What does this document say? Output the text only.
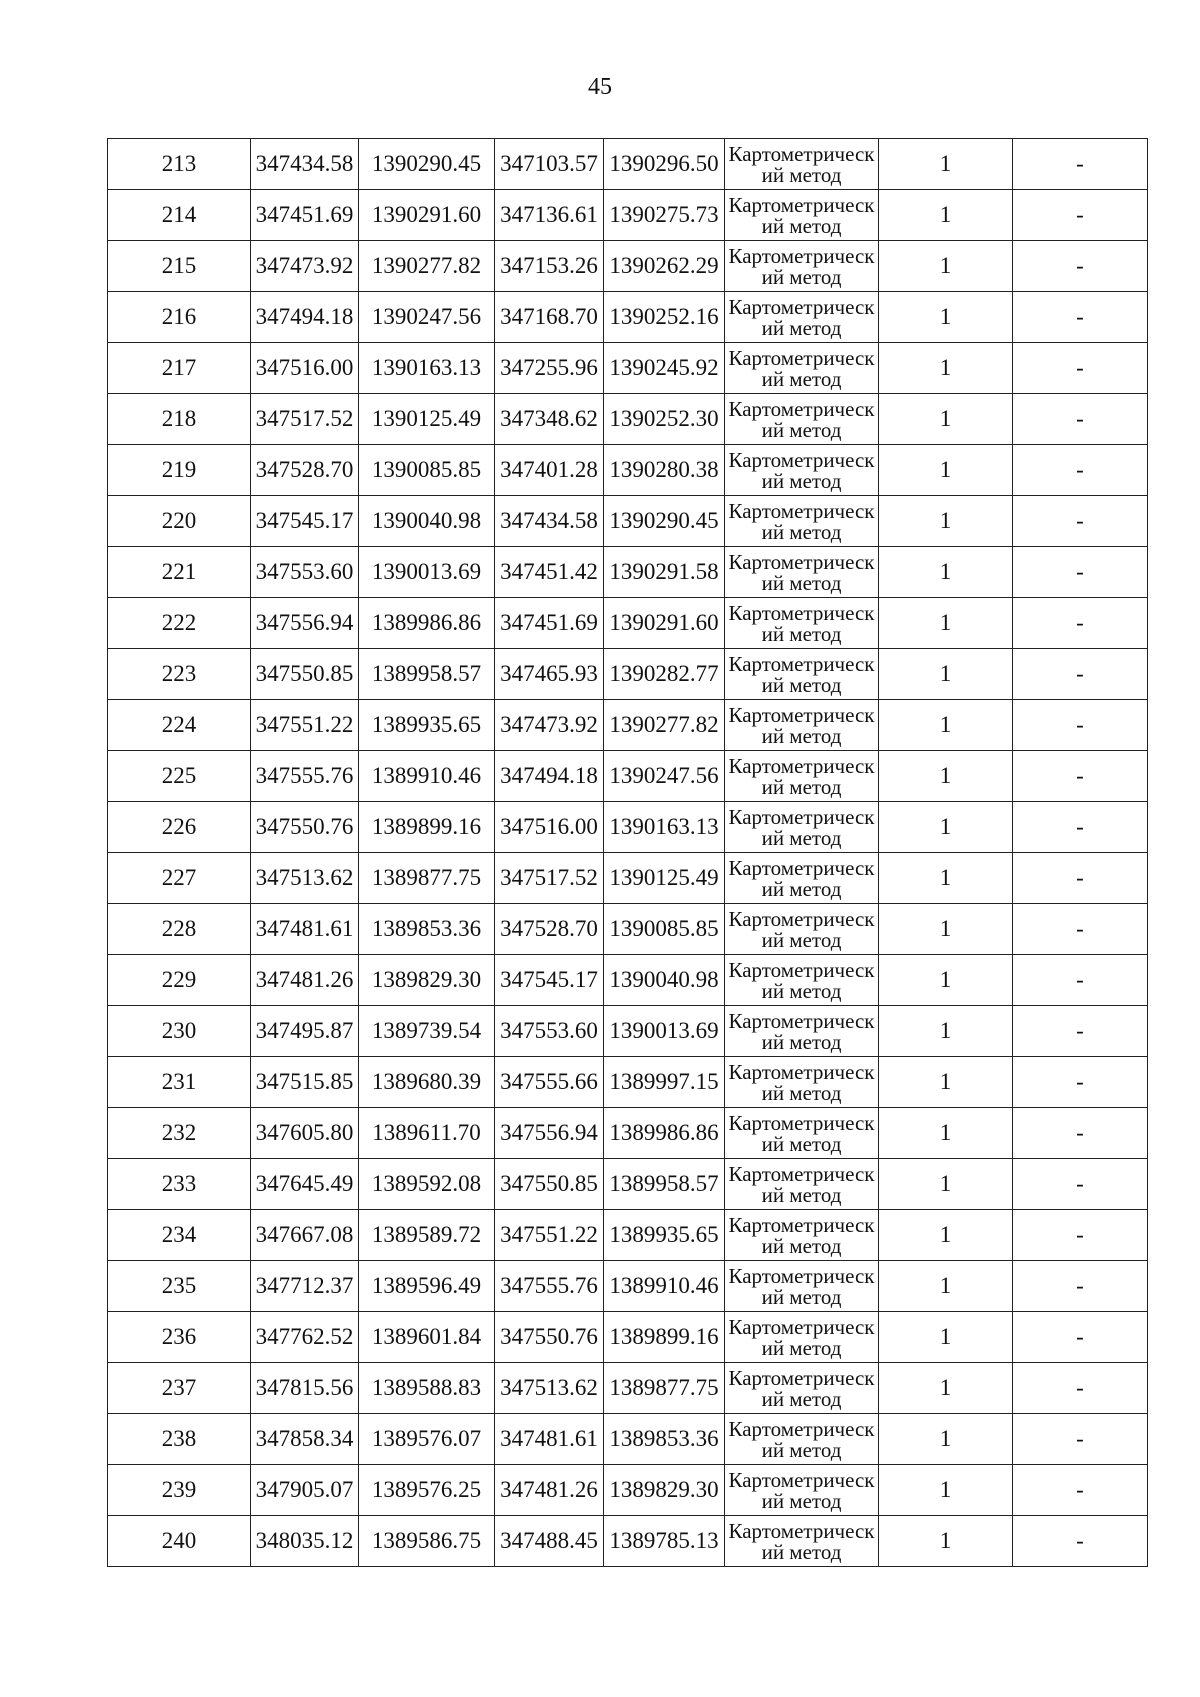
45
213	347434.58	1390290.45	347103.57	1390296.50	Картометрический метод	1	-
214	347451.69	1390291.60	347136.61	1390275.73	Картометрический метод	1	-
215	347473.92	1390277.82	347153.26	1390262.29	Картометрический метод	1	-
216	347494.18	1390247.56	347168.70	1390252.16	Картометрический метод	1	-
217	347516.00	1390163.13	347255.96	1390245.92	Картометрический метод	1	-
218	347517.52	1390125.49	347348.62	1390252.30	Картометрический метод	1	-
219	347528.70	1390085.85	347401.28	1390280.38	Картометрический метод	1	-
220	347545.17	1390040.98	347434.58	1390290.45	Картометрический метод	1	-
221	347553.60	1390013.69	347451.42	1390291.58	Картометрический метод	1	-
222	347556.94	1389986.86	347451.69	1390291.60	Картометрический метод	1	-
223	347550.85	1389958.57	347465.93	1390282.77	Картометрический метод	1	-
224	347551.22	1389935.65	347473.92	1390277.82	Картометрический метод	1	-
225	347555.76	1389910.46	347494.18	1390247.56	Картометрический метод	1	-
226	347550.76	1389899.16	347516.00	1390163.13	Картометрический метод	1	-
227	347513.62	1389877.75	347517.52	1390125.49	Картометрический метод	1	-
228	347481.61	1389853.36	347528.70	1390085.85	Картометрический метод	1	-
229	347481.26	1389829.30	347545.17	1390040.98	Картометрический метод	1	-
230	347495.87	1389739.54	347553.60	1390013.69	Картометрический метод	1	-
231	347515.85	1389680.39	347555.66	1389997.15	Картометрический метод	1	-
232	347605.80	1389611.70	347556.94	1389986.86	Картометрический метод	1	-
233	347645.49	1389592.08	347550.85	1389958.57	Картометрический метод	1	-
234	347667.08	1389589.72	347551.22	1389935.65	Картометрический метод	1	-
235	347712.37	1389596.49	347555.76	1389910.46	Картометрический метод	1	-
236	347762.52	1389601.84	347550.76	1389899.16	Картометрический метод	1	-
237	347815.56	1389588.83	347513.62	1389877.75	Картометрический метод	1	-
238	347858.34	1389576.07	347481.61	1389853.36	Картометрический метод	1	-
239	347905.07	1389576.25	347481.26	1389829.30	Картометрический метод	1	-
240	348035.12	1389586.75	347488.45	1389785.13	Картометрический метод	1	-
